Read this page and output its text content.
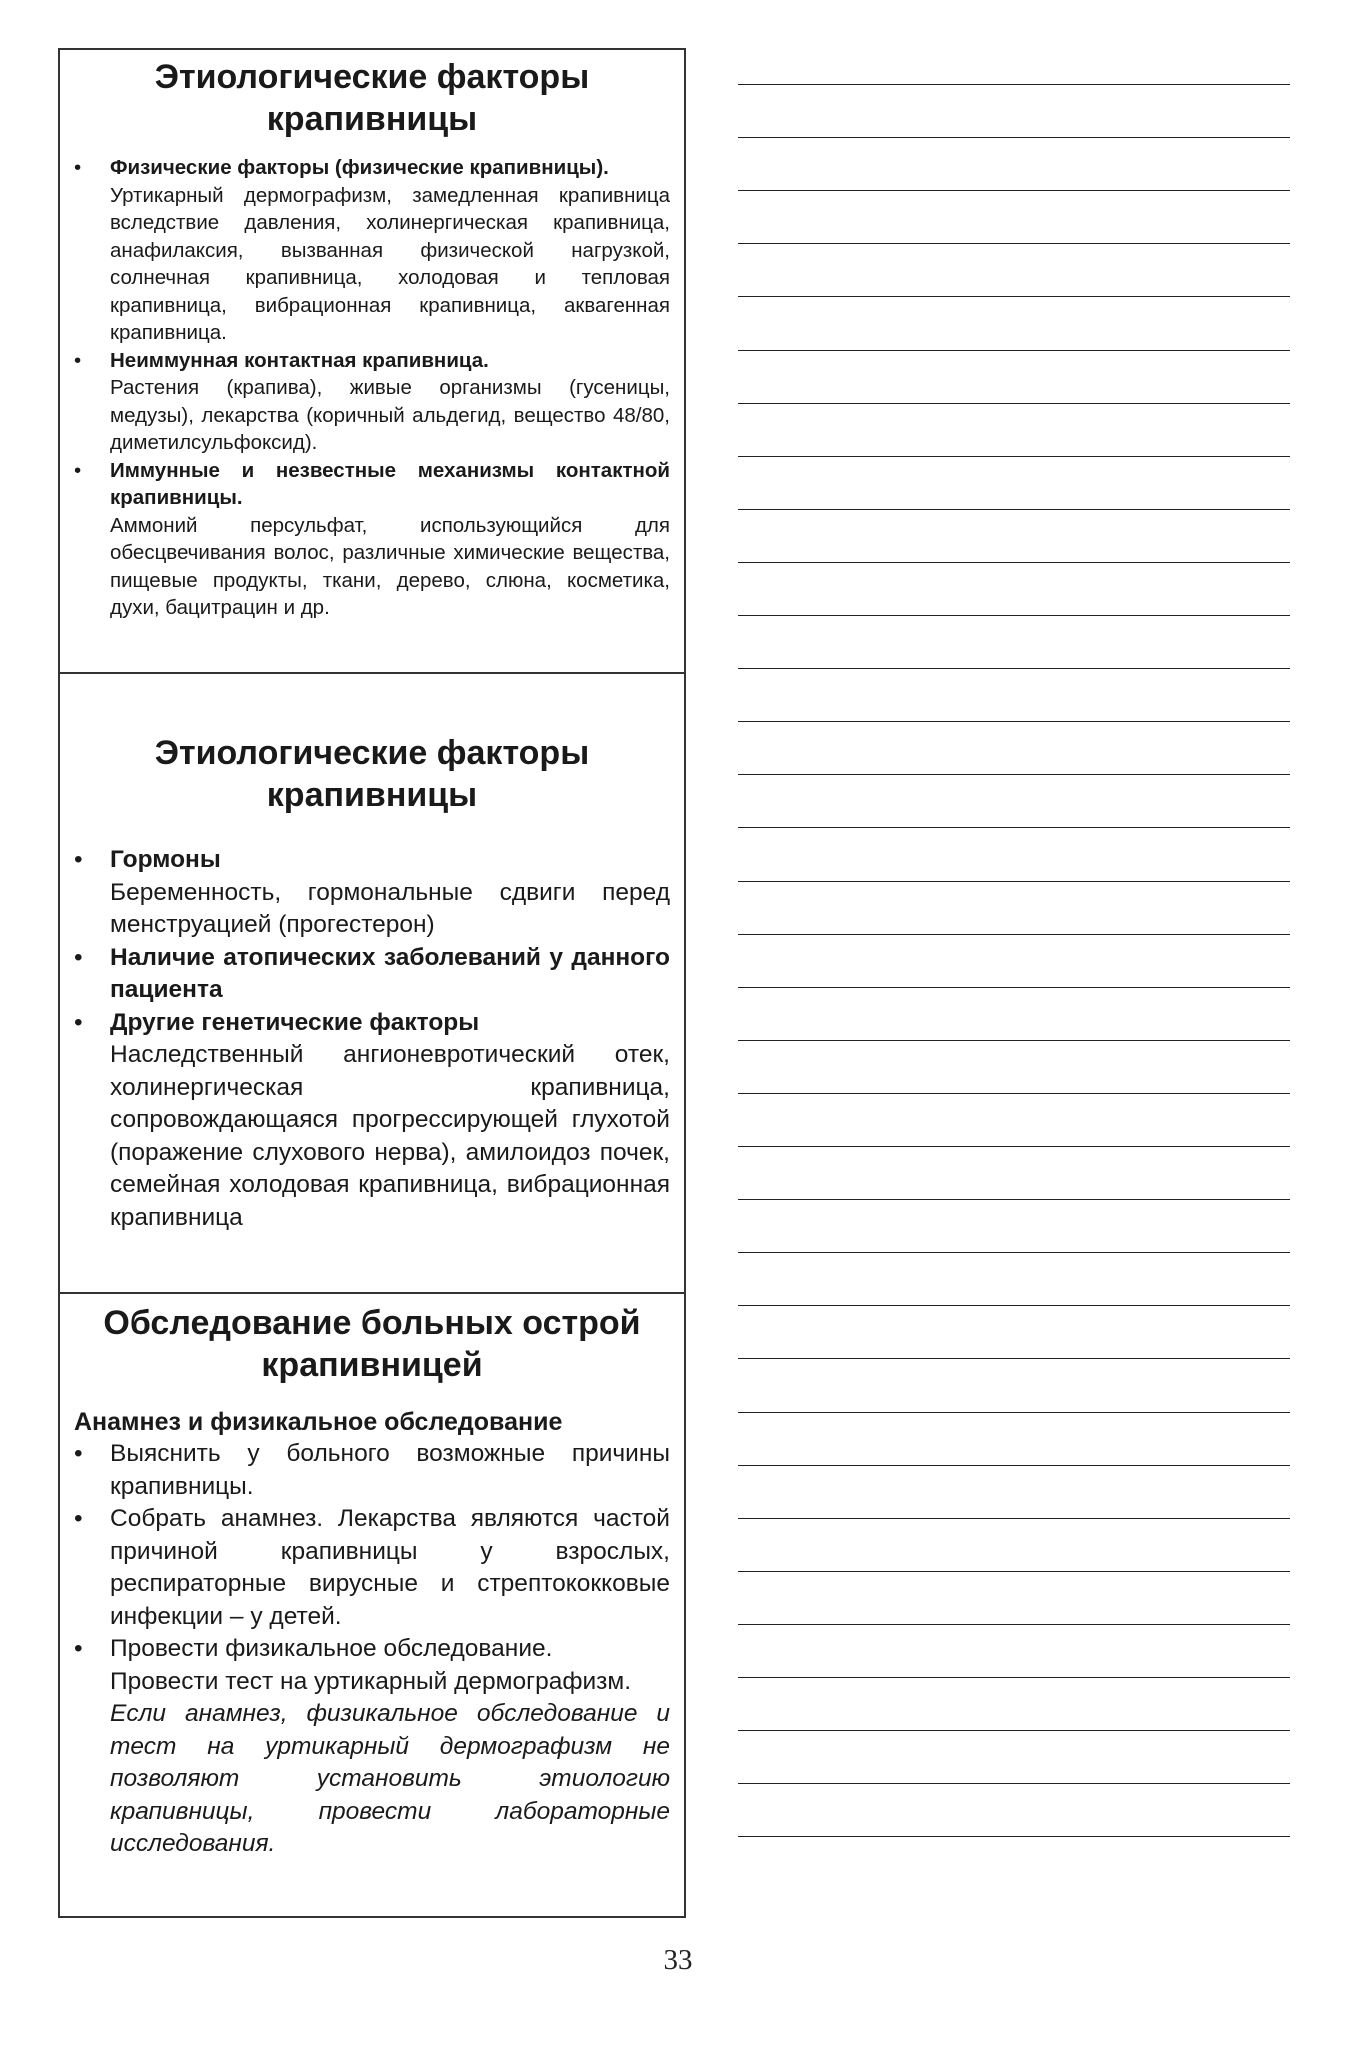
Этиологические факторы крапивницы
• Физические факторы (физические крапивницы).
Уртикарный дермографизм, замедленная крапивница вследствие давления, холинергическая крапивница, анафилаксия, вызванная физической нагрузкой, солнечная крапивница, холодовая и тепловая крапивница, вибрационная крапивница, аквагенная крапивница.
• Неиммунная контактная крапивница.
Растения (крапива), живые организмы (гусеницы, медузы), лекарства (коричный альдегид, вещество 48/80, диметилсульфоксид).
• Иммунные и незвестные механизмы контактной крапивницы.
Аммоний персульфат, использующийся для обесцвечивания волос, различные химические вещества, пищевые продукты, ткани, дерево, слюна, косметика, духи, бацитрацин и др.
Этиологические факторы крапивницы
• Гормоны
Беременность, гормональные сдвиги перед менструацией (прогестерон)
• Наличие атопических заболеваний у данного пациента
• Другие генетические факторы
Наследственный ангионевротический отек, холинергическая крапивница, сопровождающаяся прогрессирующей глухотой (поражение слухового нерва), амилоидоз почек, семейная холодовая крапивница, вибрационная крапивница
Обследование больных острой крапивницей
Анамнез и физикальное обследование
• Выяснить у больного возможные причины крапивницы.
• Собрать анамнез. Лекарства являются частой причиной крапивницы у взрослых, респираторные вирусные и стрептококковые инфекции – у детей.
• Провести физикальное обследование.
Провести тест на уртикарный дермографизм.
Если анамнез, физикальное обследование и тест на уртикарный дермографизм не позволяют установить этиологию крапивницы, провести лабораторные исследования.
33
